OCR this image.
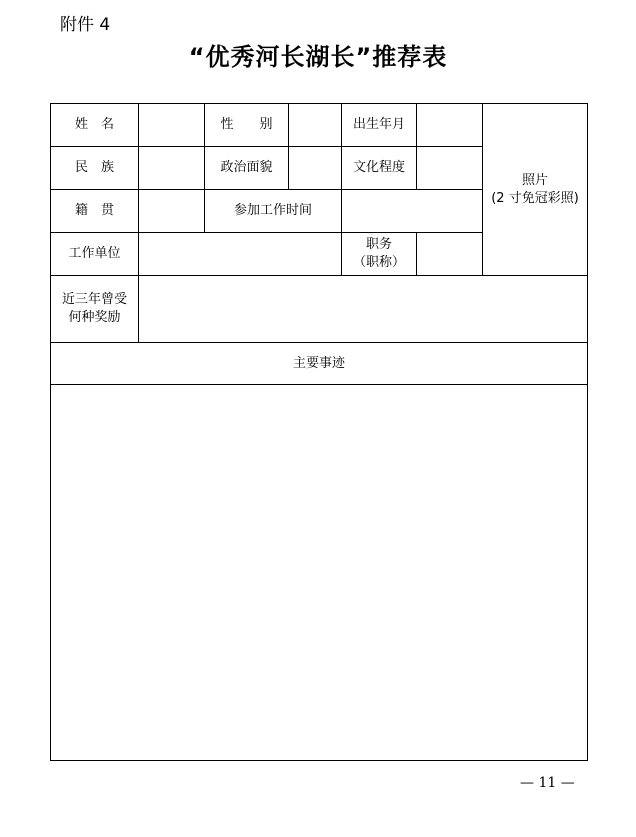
附件 4
“优秀河长湖长”推荐表
姓　名		性　　别		出生年月		照片
(2 寸免冠彩照)

民　族		政治面貌		文化程度		
籍　贯		参加工作时间				
工作单位				职务
（职称）		

近三年曾受
何种奖励						

主要事迹						

— 11 —
